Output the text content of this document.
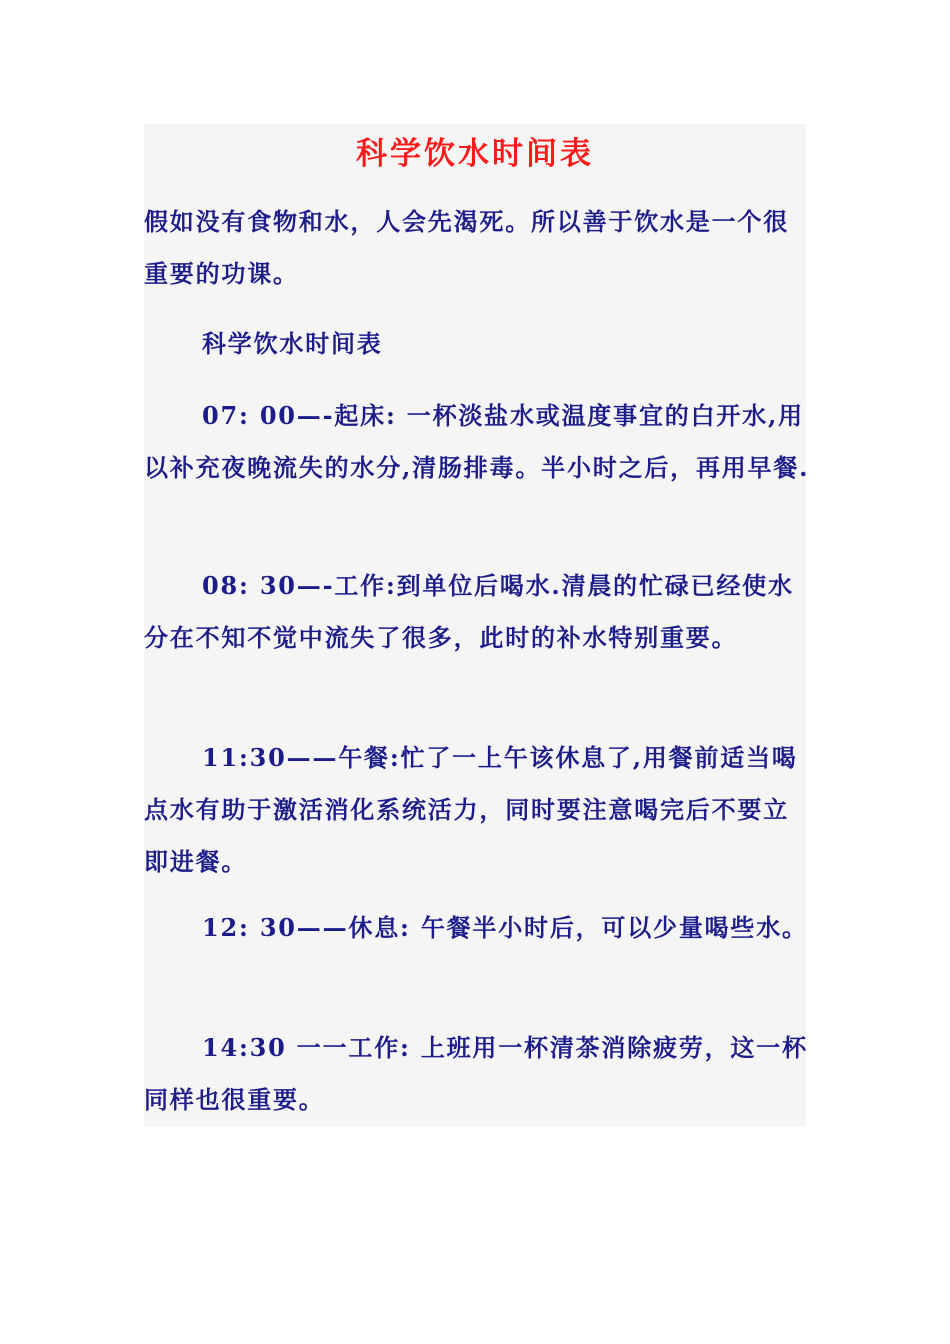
科学饮水时间表

假如没有食物和水，人会先渴死。所以善于饮水是一个很重要的功课。

科学饮水时间表

07: 00—-起床: 一杯淡盐水或温度事宜的白开水,用以补充夜晚流失的水分,清肠排毒。半小时之后，再用早餐.

08: 30—-工作:到单位后喝水.清晨的忙碌已经使水分在不知不觉中流失了很多，此时的补水特别重要。

11:30——午餐:忙了一上午该休息了,用餐前适当喝点水有助于激活消化系统活力，同时要注意喝完后不要立即进餐。

12: 30——休息: 午餐半小时后，可以少量喝些水。

14:30 一一工作: 上班用一杯清茶消除疲劳，这一杯同样也很重要。
